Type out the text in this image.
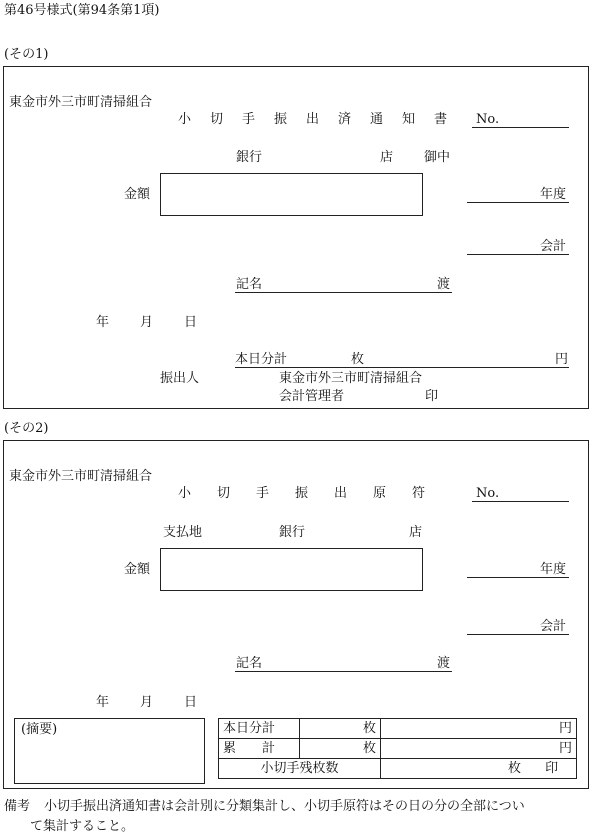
第46号様式(第94条第1項)
(その1)
東金市外三市町清掃組合
小切手振出済通知書 No.
銀行	店 御中
金額	年度
会計
記名	渡
年 月 日
本日分計	枚	円
振出人	東金市外三市町清掃組合
会計管理者	印
(その2)
東金市外三市町清掃組合
小切手振出原符 No.
支払地	銀行	店
金額	年度
会計
記名	渡
年 月 日
(摘要)	本日分計	枚	円
累　　計	枚	円
小切手残枚数		枚 印
備考 小切手振出済通知書は会計別に分類集計し、小切手原符はその日の分の全部につい
て集計すること。
